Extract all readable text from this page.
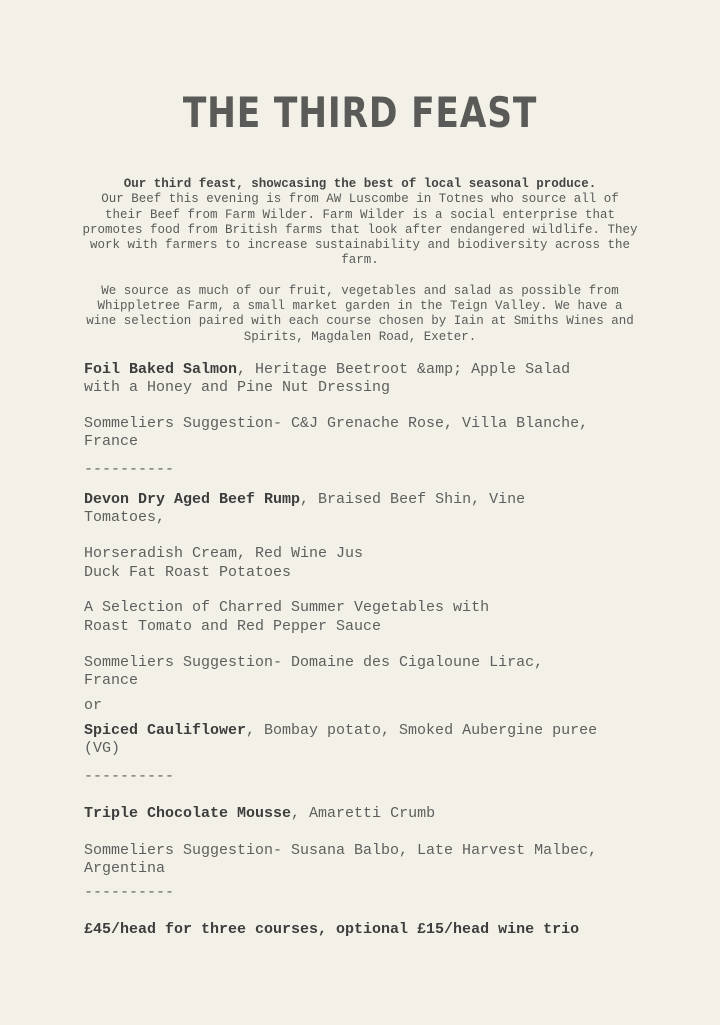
THE THIRD FEAST

Our third feast, showcasing the best of local seasonal produce.

Our Beef this evening is from AW Luscombe in Totnes who source all of their Beef from Farm Wilder. Farm Wilder is a social enterprise that promotes food from British farms that look after endangered wildlife. They work with farmers to increase sustainability and biodiversity across the farm.

We source as much of our fruit, vegetables and salad as possible from Whippletree Farm, a small market garden in the Teign Valley. We have a wine selection paired with each course chosen by Iain at Smiths Wines and Spirits, Magdalen Road, Exeter.

Foil Baked Salmon, Heritage Beetroot &amp; Apple Salad
with a Honey and Pine Nut Dressing
Sommeliers Suggestion- C&J Grenache Rose, Villa Blanche,
France
----------
Devon Dry Aged Beef Rump, Braised Beef Shin, Vine
Tomatoes,
Horseradish Cream, Red Wine Jus
Duck Fat Roast Potatoes
A Selection of Charred Summer Vegetables with
Roast Tomato and Red Pepper Sauce
Sommeliers Suggestion- Domaine des Cigaloune Lirac,
France
or
Spiced Cauliflower, Bombay potato, Smoked Aubergine puree
(VG)
----------
Triple Chocolate Mousse, Amaretti Crumb
Sommeliers Suggestion- Susana Balbo, Late Harvest Malbec,
Argentina
----------
£45/head for three courses, optional £15/head wine trio
